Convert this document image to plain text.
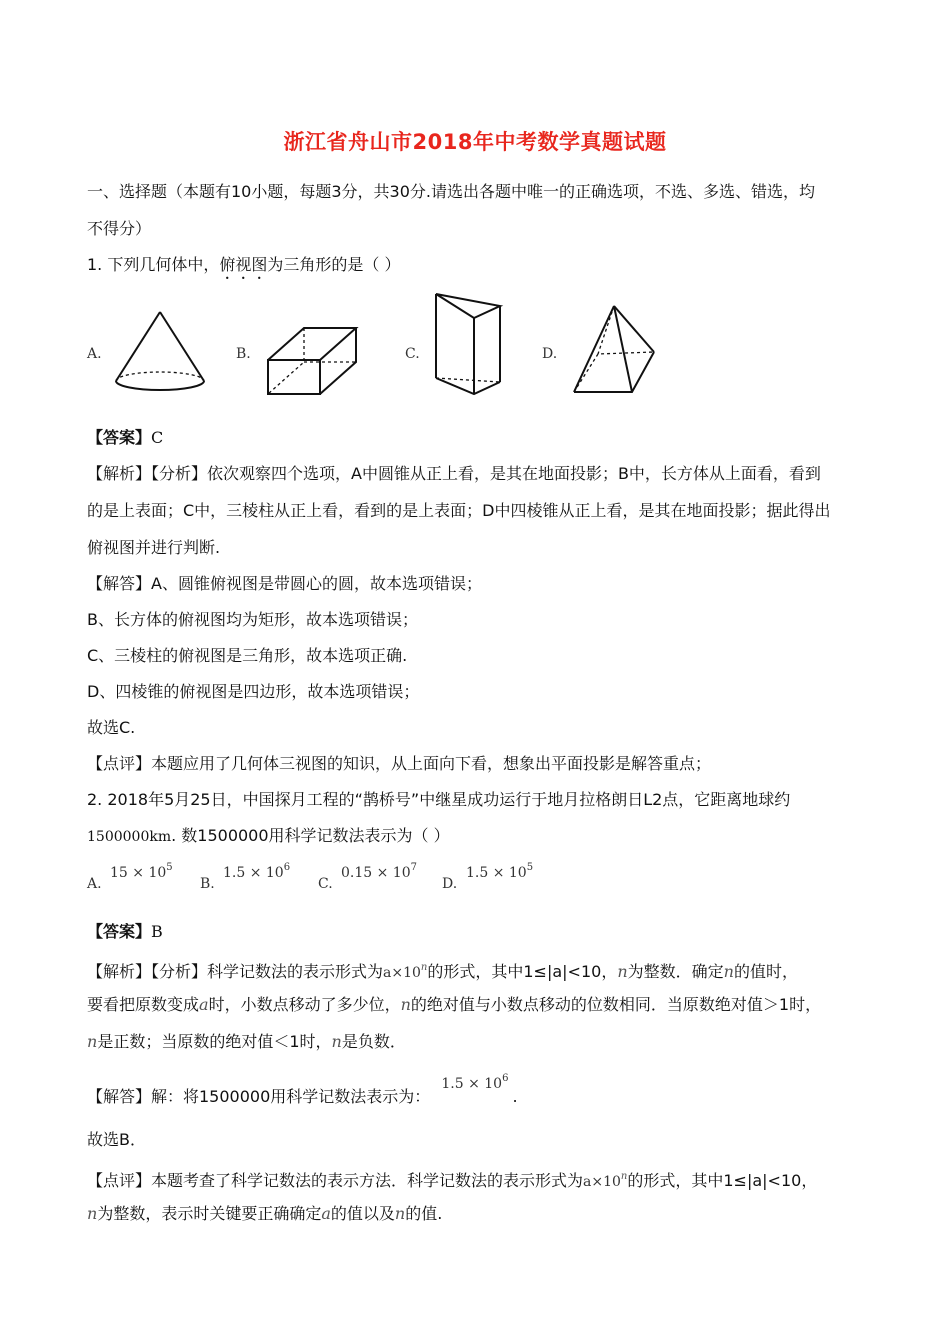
浙江省舟山市2018年中考数学真题试题
一、选择题（本题有10小题，每题3分，共30分.请选出各题中唯一的正确选项，不选、多选、错选，均
不得分）
1. 下列几何体中，俯视图为三角形的是（ ）
A.	B.	C.	D.
【答案】C
【解析】【分析】依次观察四个选项，A中圆锥从正上看，是其在地面投影；B中，长方体从上面看，看到
的是上表面；C中，三棱柱从正上看，看到的是上表面；D中四棱锥从正上看，是其在地面投影；据此得出
俯视图并进行判断.
【解答】A、圆锥俯视图是带圆心的圆，故本选项错误；
B、长方体的俯视图均为矩形，故本选项错误；
C、三棱柱的俯视图是三角形，故本选项正确.
D、四棱锥的俯视图是四边形，故本选项错误；
故选C.
【点评】本题应用了几何体三视图的知识，从上面向下看，想象出平面投影是解答重点；
2. 2018年5月25日，中国探月工程的“鹊桥号”中继星成功运行于地月拉格朗日L2点，它距离地球约
1500000km. 数1500000用科学记数法表示为（ ）
A.
$15 \times 10^5$
B.
$1.5 \times 10^6$
C.
$0.15 \times 10^7$
D.
$1.5 \times 10^5$
【答案】B
【解析】【分析】科学记数法的表示形式为$a\times 10^n$的形式，其中1≤|a|<10，n为整数．确定n的值时，
要看把原数变成a时，小数点移动了多少位，n的绝对值与小数点移动的位数相同．当原数绝对值＞1时，
n是正数；当原数的绝对值＜1时，n是负数．
【解答】解：将1500000用科学记数法表示为： $1.5 \times 10^6$.
故选B．
【点评】本题考查了科学记数法的表示方法．科学记数法的表示形式为$a\times 10^n$的形式，其中1≤|a|<10，
n为整数，表示时关键要正确确定a的值以及n的值.
